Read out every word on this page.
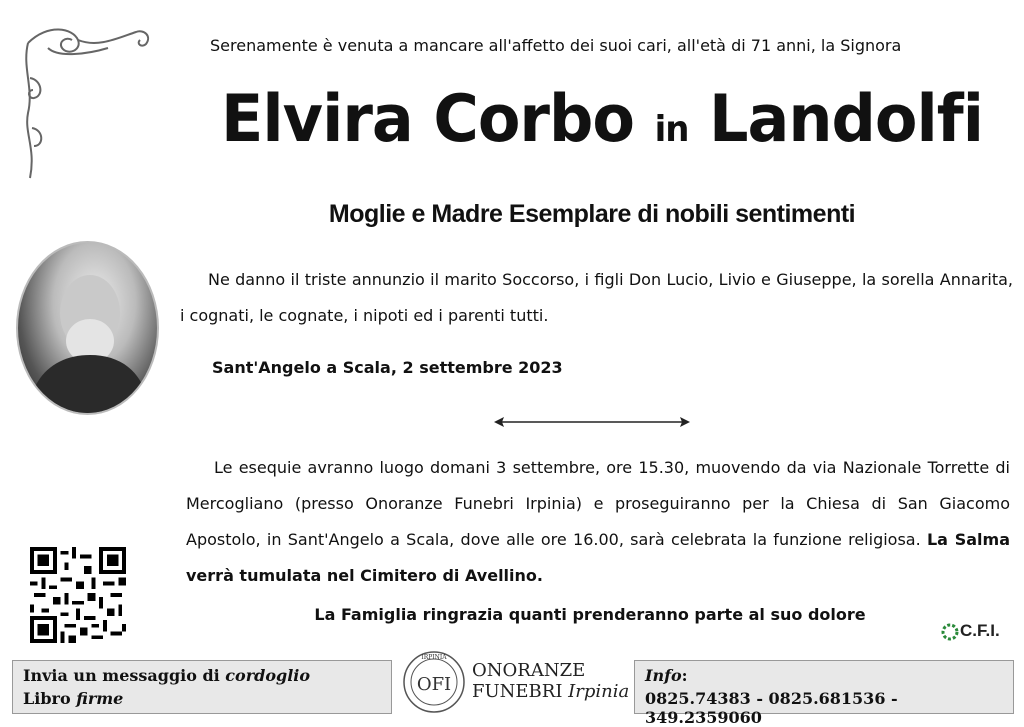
Serenamente è venuta a mancare all'affetto dei suoi cari, all'età di 71 anni, la Signora
Elvira Corbo in Landolfi
Moglie e Madre Esemplare di nobili sentimenti
Ne danno il triste annunzio il marito Soccorso, i figli Don Lucio, Livio e Giuseppe, la sorella Annarita, i cognati, le cognate, i nipoti ed i parenti tutti.
Sant'Angelo a Scala, 2 settembre 2023
Le esequie avranno luogo domani 3 settembre, ore 15.30, muovendo da via Nazionale Torrette di Mercogliano (presso Onoranze Funebri Irpinia) e proseguiranno per la Chiesa di San Giacomo Apostolo, in Sant'Angelo a Scala, dove alle ore 16.00, sarà celebrata la funzione religiosa. La Salma verrà tumulata nel Cimitero di Avellino.
La Famiglia ringrazia quanti prenderanno parte al suo dolore
C.F.I.
Invia un messaggio di cordoglio
Libro firme
IRPINIA
OFI
ONORANZE
FUNEBRI Irpinia
Info:
0825.74383 - 0825.681536 - 349.2359060
